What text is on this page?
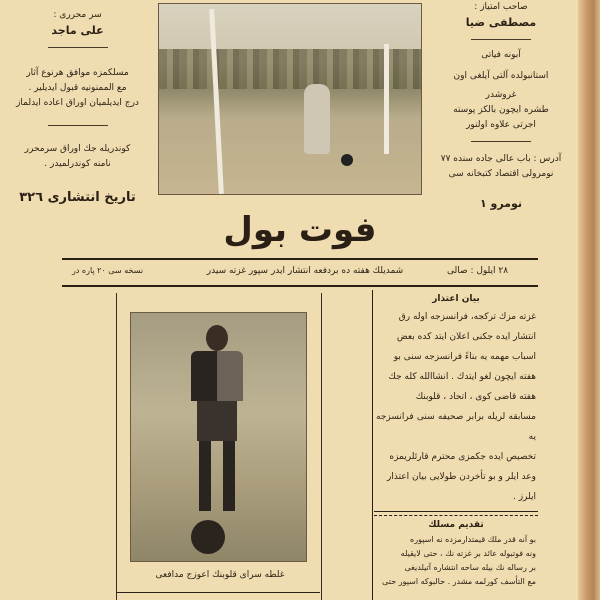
سر محررى :
على ماجد
مسلكمزه موافق هرنوع آثار
مع الممنونيه قبول ايديلير .
درج ايديلميان اوراق اعاده ايدلماز
كوندريله جك اوراق سرمحرر
نامنه كوندرلميدر .
تاريخ انتشارى ٣٢٦
صاحب امتياز :
مصطفى ضيا
آبونه فياتى
استانبولده آلتى آيلغى اون
غروشدر
طشره ايچون بالكز پوسته
اجرتى علاوه اولنور
آدرس : باب عالى جاده سنده ٧٧
نومرولى اقتصاد كتبخانه سى
نومرو ١
فوت بول
٢٨ ايلول : صالى
شمديلك هفته ده بردفعه انتشار ايدر سپور غزته سيدر
نسخه سى ٢٠ پاره در
غلطه سراى قلوبنك اعوزج مدافعى
بيان اعتذار
غزته مزك تركجه، فرانسزجه اوله رق
انتشار ايده جكنى اعلان ايتد كده بعض
اسباب مهمه يه بناءً فرانسزجه سنى بو
هفته ايچون لغو ايتدك . انشاالله كله جك
هفته قاضى كوى ، اتحاد ، قلوبنك
مسابقه لريله برابر صحيفه سنى فرانسزجه يه
تخصيص ايده جكمزى محترم قارئلريمزه
وعد ايلر و بو تأخردن طولايى بيان اعتذار
ايلرز .
تقديم مسلك
بو آنه قدر ملك قيمتدارمزده نه اسپوره
ونه فوتبوله عائد بر غزته نك ، حتى لايقيله
بر رساله نك بيله ساحه انتشاره آتيلديغى
مع التأسف كورلمه مشدر . حالبوكه اسپور حتى
